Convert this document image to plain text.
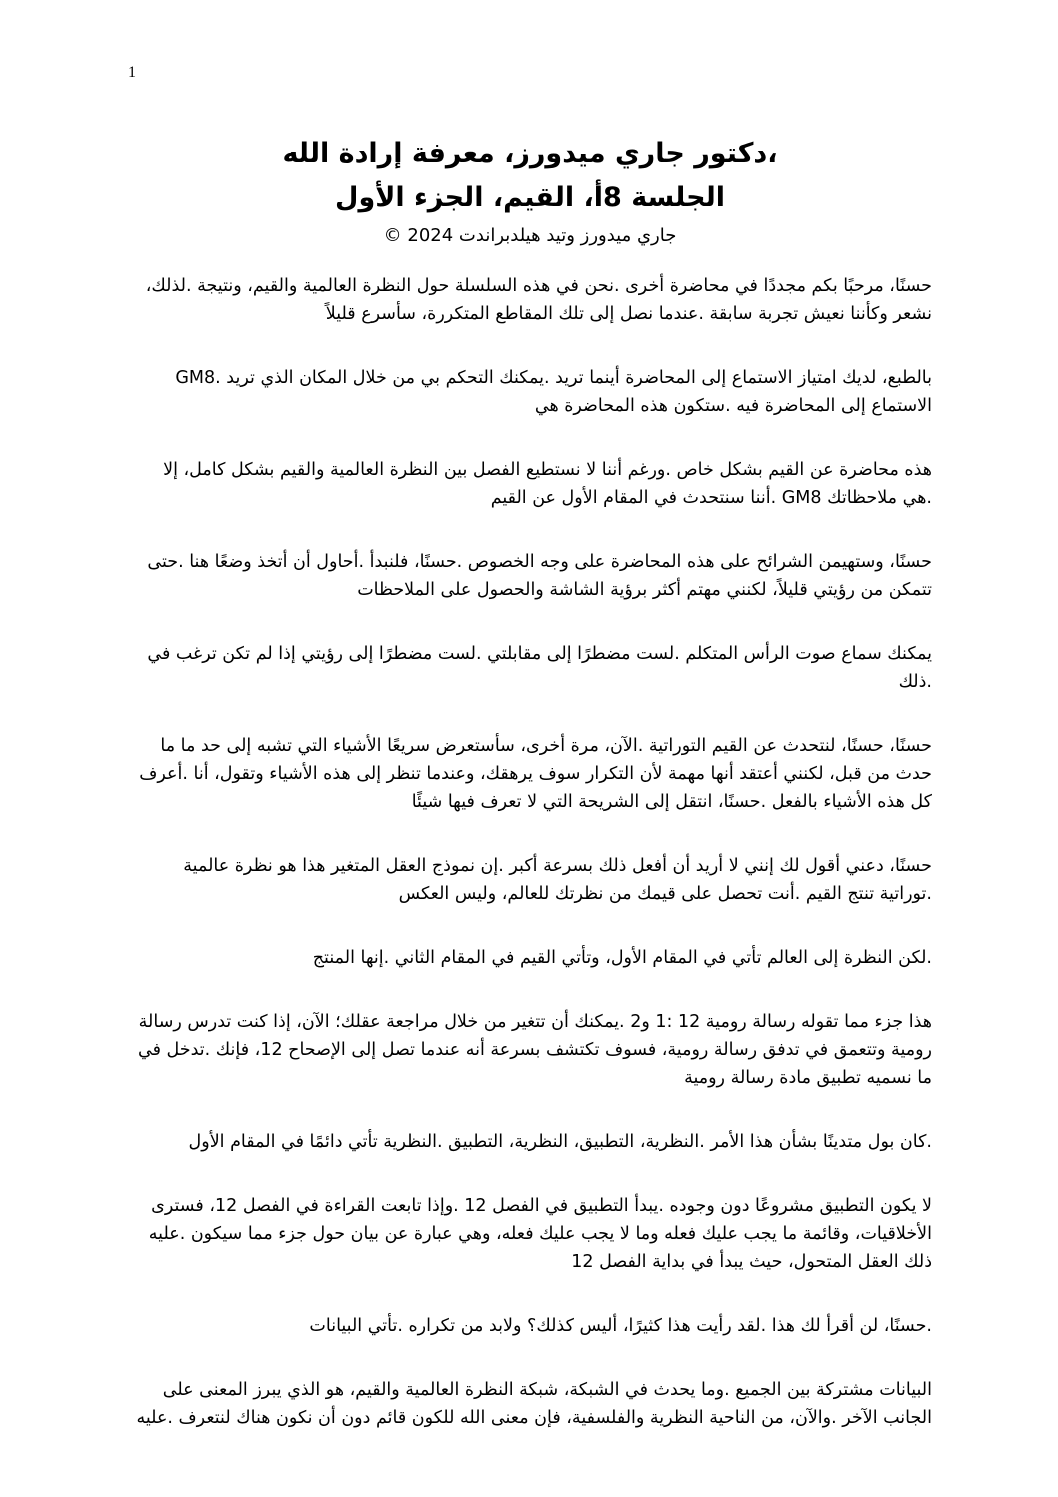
1
،دكتور جاري ميدورز، معرفة إرادة الله
الجلسة 8أ، القيم، الجزء الأول
جاري ميدورز وتيد هيلدبراندت 2024 ©

حسنًا، مرحبًا بكم مجددًا في محاضرة أخرى .نحن في هذه السلسلة حول النظرة العالمية والقيم، ونتيجة .لذلك، نشعر وكأننا نعيش تجربة سابقة .عندما نصل إلى تلك المقاطع المتكررة، سأسرع قليلاً

بالطبع، لديك امتياز الاستماع إلى المحاضرة أينما تريد .يمكنك التحكم بي من خلال المكان الذي تريد .GM8 الاستماع إلى المحاضرة فيه .ستكون هذه المحاضرة هي

هذه محاضرة عن القيم بشكل خاص .ورغم أننا لا نستطيع الفصل بين النظرة العالمية والقيم بشكل كامل، إلا .هي ملاحظاتك GM8 .أننا سنتحدث في المقام الأول عن القيم

حسنًا، وستهيمن الشرائح على هذه المحاضرة على وجه الخصوص .حسنًا، فلنبدأ .أحاول أن أتخذ وضعًا هنا .حتى تتمكن من رؤيتي قليلاً، لكنني مهتم أكثر برؤية الشاشة والحصول على الملاحظات

يمكنك سماع صوت الرأس المتكلم .لست مضطرًا إلى مقابلتي .لست مضطرًا إلى رؤيتي إذا لم تكن ترغب في .ذلك

حسنًا، حسنًا، لنتحدث عن القيم التوراتية .الآن، مرة أخرى، سأستعرض سريعًا الأشياء التي تشبه إلى حد ما ما حدث من قبل، لكنني أعتقد أنها مهمة لأن التكرار سوف يرهقك، وعندما تنظر إلى هذه الأشياء وتقول، أنا .أعرف كل هذه الأشياء بالفعل .حسنًا، انتقل إلى الشريحة التي لا تعرف فيها شيئًا

حسنًا، دعني أقول لك إنني لا أريد أن أفعل ذلك بسرعة أكبر .إن نموذج العقل المتغير هذا هو نظرة عالمية .توراتية تنتج القيم .أنت تحصل على قيمك من نظرتك للعالم، وليس العكس

.لكن النظرة إلى العالم تأتي في المقام الأول، وتأتي القيم في المقام الثاني .إنها المنتج

هذا جزء مما تقوله رسالة رومية 12 :1 و2 .يمكنك أن تتغير من خلال مراجعة عقلك؛ الآن، إذا كنت تدرس رسالة رومية وتتعمق في تدفق رسالة رومية، فسوف تكتشف بسرعة أنه عندما تصل إلى الإصحاح 12، فإنك .تدخل في ما نسميه تطبيق مادة رسالة رومية

.كان بول متدينًا بشأن هذا الأمر .النظرية، التطبيق، النظرية، التطبيق .النظرية تأتي دائمًا في المقام الأول

لا يكون التطبيق مشروعًا دون وجوده .يبدأ التطبيق في الفصل 12 .وإذا تابعت القراءة في الفصل 12، فسترى الأخلاقيات، وقائمة ما يجب عليك فعله وما لا يجب عليك فعله، وهي عبارة عن بيان حول جزء مما سيكون .عليه ذلك العقل المتحول، حيث يبدأ في بداية الفصل 12

.حسنًا، لن أقرأ لك هذا .لقد رأيت هذا كثيرًا، أليس كذلك؟ ولابد من تكراره .تأتي البيانات

البيانات مشتركة بين الجميع .وما يحدث في الشبكة، شبكة النظرة العالمية والقيم، هو الذي يبرز المعنى على الجانب الآخر .والآن، من الناحية النظرية والفلسفية، فإن معنى الله للكون قائم دون أن نكون هناك لنتعرف .عليه
